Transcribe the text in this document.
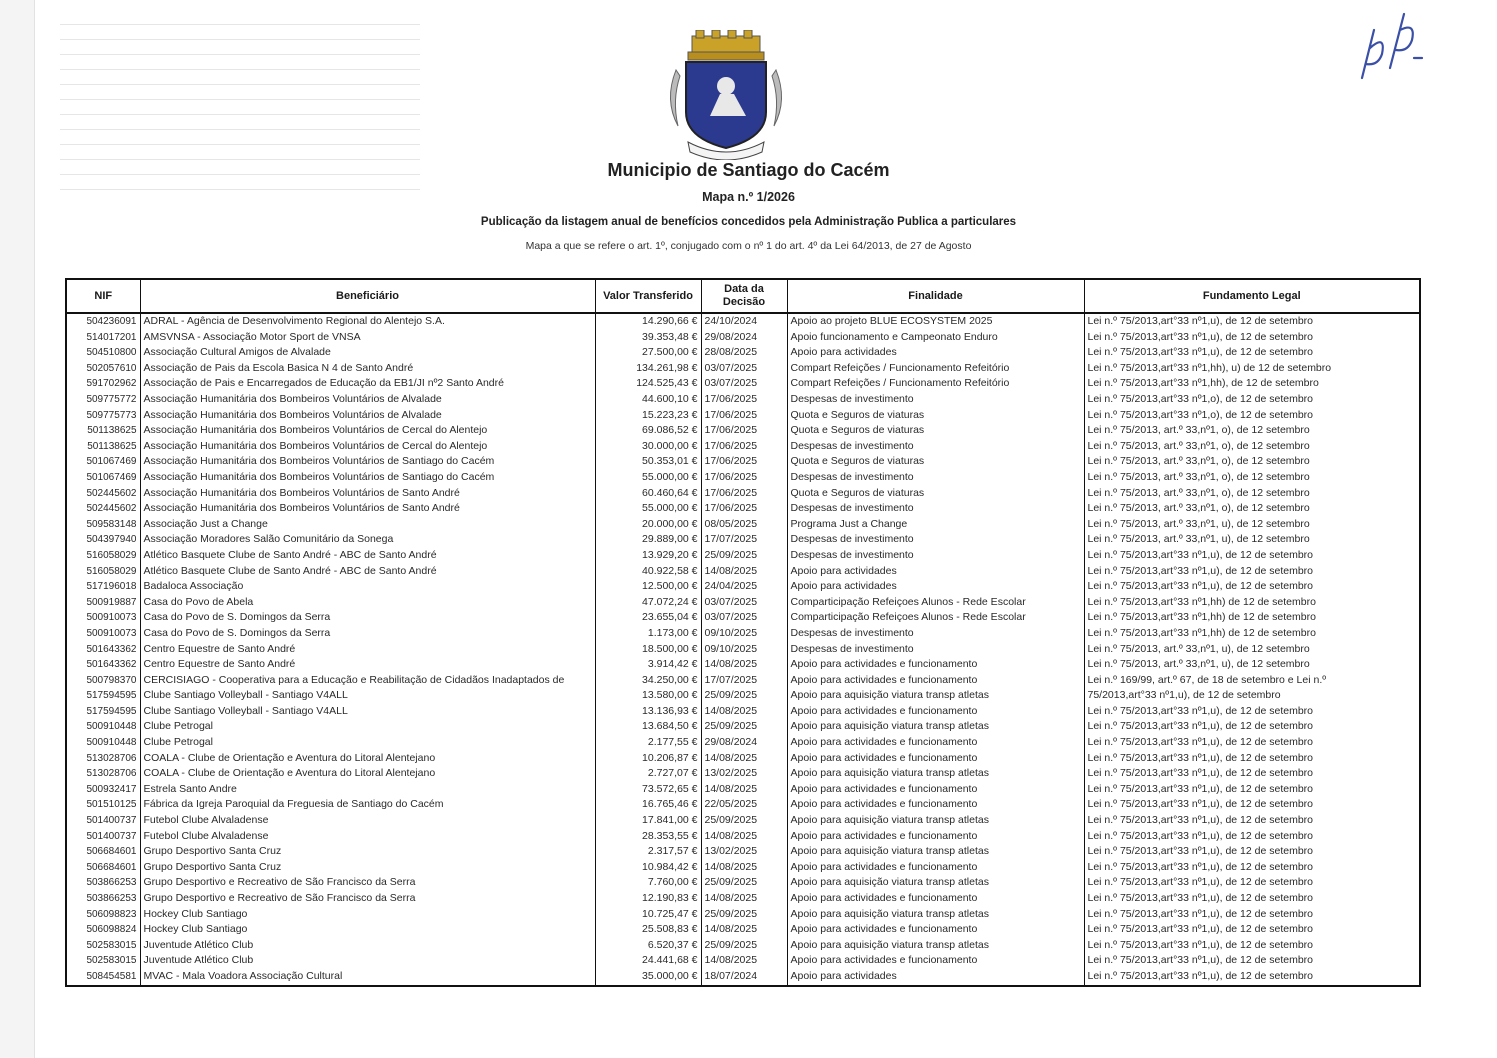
Municipio de Santiago do Cacém
Mapa n.º 1/2026
Publicação da listagem anual de benefícios concedidos pela Administração Publica a particulares
Mapa a que se refere o art. 1º, conjugado com o nº 1 do art. 4º da Lei 64/2013, de 27 de Agosto
NIF	Beneficiário	Valor Transferido	Data da Decisão	Finalidade	Fundamento Legal
504236091	ADRAL - Agência de Desenvolvimento Regional do Alentejo S.A.	14.290,66 €	24/10/2024	Apoio ao projeto BLUE ECOSYSTEM 2025	Lei n.º 75/2013,art°33 nº1,u), de 12 de setembro
514017201	AMSVNSA - Associação Motor Sport de VNSA	39.353,48 €	29/08/2024	Apoio funcionamento e Campeonato Enduro	Lei n.º 75/2013,art°33 nº1,u), de 12 de setembro
504510800	Associação Cultural Amigos de Alvalade	27.500,00 €	28/08/2025	Apoio para actividades	Lei n.º 75/2013,art°33 nº1,u), de 12 de setembro
502057610	Associação de Pais da Escola Basica N 4 de Santo André	134.261,98 €	03/07/2025	Compart Refeições / Funcionamento Refeitório	Lei n.º 75/2013,art°33 nº1,hh), u) de 12 de setembro
591702962	Associação de Pais e Encarregados de Educação da EB1/JI nº2 Santo André	124.525,43 €	03/07/2025	Compart Refeições / Funcionamento Refeitório	Lei n.º 75/2013,art°33 nº1,hh), de 12 de setembro
509775772	Associação Humanitária dos Bombeiros Voluntários de Alvalade	44.600,10 €	17/06/2025	Despesas de investimento	Lei n.º 75/2013,art°33 nº1,o), de 12 de setembro
509775773	Associação Humanitária dos Bombeiros Voluntários de Alvalade	15.223,23 €	17/06/2025	Quota e Seguros de viaturas	Lei n.º 75/2013,art°33 nº1,o), de 12 de setembro
501138625	Associação Humanitária dos Bombeiros Voluntários de Cercal do Alentejo	69.086,52 €	17/06/2025	Quota e Seguros de viaturas	Lei n.º 75/2013, art.º 33,nº1, o), de 12 setembro
501138625	Associação Humanitária dos Bombeiros Voluntários de Cercal do Alentejo	30.000,00 €	17/06/2025	Despesas de investimento	Lei n.º 75/2013, art.º 33,nº1, o), de 12 setembro
501067469	Associação Humanitária dos Bombeiros Voluntários de Santiago do Cacém	50.353,01 €	17/06/2025	Quota e Seguros de viaturas	Lei n.º 75/2013, art.º 33,nº1, o), de 12 setembro
501067469	Associação Humanitária dos Bombeiros Voluntários de Santiago do Cacém	55.000,00 €	17/06/2025	Despesas de investimento	Lei n.º 75/2013, art.º 33,nº1, o), de 12 setembro
502445602	Associação Humanitária dos Bombeiros Voluntários de Santo André	60.460,64 €	17/06/2025	Quota e Seguros de viaturas	Lei n.º 75/2013, art.º 33,nº1, o), de 12 setembro
502445602	Associação Humanitária dos Bombeiros Voluntários de Santo André	55.000,00 €	17/06/2025	Despesas de investimento	Lei n.º 75/2013, art.º 33,nº1, o), de 12 setembro
509583148	Associação Just a Change	20.000,00 €	08/05/2025	Programa Just a Change	Lei n.º 75/2013, art.º 33,nº1, u), de 12 setembro
504397940	Associação Moradores Salão Comunitário da Sonega	29.889,00 €	17/07/2025	Despesas de investimento	Lei n.º 75/2013, art.º 33,nº1, u), de 12 setembro
516058029	Atlético Basquete Clube de Santo André - ABC de Santo André	13.929,20 €	25/09/2025	Despesas de investimento	Lei n.º 75/2013,art°33 nº1,u), de 12 de setembro
516058029	Atlético Basquete Clube de Santo André - ABC de Santo André	40.922,58 €	14/08/2025	Apoio para actividades	Lei n.º 75/2013,art°33 nº1,u), de 12 de setembro
517196018	Badaloca Associação	12.500,00 €	24/04/2025	Apoio para actividades	Lei n.º 75/2013,art°33 nº1,u), de 12 de setembro
500919887	Casa do Povo de Abela	47.072,24 €	03/07/2025	Comparticipação Refeiçoes Alunos - Rede Escolar	Lei n.º 75/2013,art°33 nº1,hh) de 12 de setembro
500910073	Casa do Povo de S. Domingos da Serra	23.655,04 €	03/07/2025	Comparticipação Refeiçoes Alunos - Rede Escolar	Lei n.º 75/2013,art°33 nº1,hh) de 12 de setembro
500910073	Casa do Povo de S. Domingos da Serra	1.173,00 €	09/10/2025	Despesas de investimento	Lei n.º 75/2013,art°33 nº1,hh) de 12 de setembro
501643362	Centro Equestre de Santo André	18.500,00 €	09/10/2025	Despesas de investimento	Lei n.º 75/2013, art.º 33,nº1, u), de 12 setembro
501643362	Centro Equestre de Santo André	3.914,42 €	14/08/2025	Apoio para actividades e funcionamento	Lei n.º 75/2013, art.º 33,nº1, u), de 12 setembro
500798370	CERCISIAGO - Cooperativa para a Educação e Reabilitação de Cidadãos Inadaptados de	34.250,00 €	17/07/2025	Apoio para actividades e funcionamento	Lei n.º 169/99, art.º 67, de 18 de setembro e Lei n.º
517594595	Clube Santiago Volleyball - Santiago V4ALL	13.580,00 €	25/09/2025	Apoio para aquisição viatura transp atletas	75/2013,art°33 nº1,u), de 12 de setembro
517594595	Clube Santiago Volleyball - Santiago V4ALL	13.136,93 €	14/08/2025	Apoio para actividades e funcionamento	Lei n.º 75/2013,art°33 nº1,u), de 12 de setembro
500910448	Clube Petrogal	13.684,50 €	25/09/2025	Apoio para aquisição viatura transp atletas	Lei n.º 75/2013,art°33 nº1,u), de 12 de setembro
500910448	Clube Petrogal	2.177,55 €	29/08/2024	Apoio para actividades e funcionamento	Lei n.º 75/2013,art°33 nº1,u), de 12 de setembro
513028706	COALA - Clube de Orientação e Aventura do Litoral Alentejano	10.206,87 €	14/08/2025	Apoio para actividades e funcionamento	Lei n.º 75/2013,art°33 nº1,u), de 12 de setembro
513028706	COALA - Clube de Orientação e Aventura do Litoral Alentejano	2.727,07 €	13/02/2025	Apoio para aquisição viatura transp atletas	Lei n.º 75/2013,art°33 nº1,u), de 12 de setembro
500932417	Estrela Santo Andre	73.572,65 €	14/08/2025	Apoio para actividades e funcionamento	Lei n.º 75/2013,art°33 nº1,u), de 12 de setembro
501510125	Fábrica da Igreja Paroquial da Freguesia de Santiago do Cacém	16.765,46 €	22/05/2025	Apoio para actividades e funcionamento	Lei n.º 75/2013,art°33 nº1,u), de 12 de setembro
501400737	Futebol Clube Alvaladense	17.841,00 €	25/09/2025	Apoio para aquisição viatura transp atletas	Lei n.º 75/2013,art°33 nº1,u), de 12 de setembro
501400737	Futebol Clube Alvaladense	28.353,55 €	14/08/2025	Apoio para actividades e funcionamento	Lei n.º 75/2013,art°33 nº1,u), de 12 de setembro
506684601	Grupo Desportivo Santa Cruz	2.317,57 €	13/02/2025	Apoio para aquisição viatura transp atletas	Lei n.º 75/2013,art°33 nº1,u), de 12 de setembro
506684601	Grupo Desportivo Santa Cruz	10.984,42 €	14/08/2025	Apoio para actividades e funcionamento	Lei n.º 75/2013,art°33 nº1,u), de 12 de setembro
503866253	Grupo Desportivo e Recreativo de São Francisco da Serra	7.760,00 €	25/09/2025	Apoio para aquisição viatura transp atletas	Lei n.º 75/2013,art°33 nº1,u), de 12 de setembro
503866253	Grupo Desportivo e Recreativo de São Francisco da Serra	12.190,83 €	14/08/2025	Apoio para actividades e funcionamento	Lei n.º 75/2013,art°33 nº1,u), de 12 de setembro
506098823	Hockey Club Santiago	10.725,47 €	25/09/2025	Apoio para aquisição viatura transp atletas	Lei n.º 75/2013,art°33 nº1,u), de 12 de setembro
506098824	Hockey Club Santiago	25.508,83 €	14/08/2025	Apoio para actividades e funcionamento	Lei n.º 75/2013,art°33 nº1,u), de 12 de setembro
502583015	Juventude Atlético Club	6.520,37 €	25/09/2025	Apoio para aquisição viatura transp atletas	Lei n.º 75/2013,art°33 nº1,u), de 12 de setembro
502583015	Juventude Atlético Club	24.441,68 €	14/08/2025	Apoio para actividades e funcionamento	Lei n.º 75/2013,art°33 nº1,u), de 12 de setembro
508454581	MVAC - Mala Voadora Associação Cultural	35.000,00 €	18/07/2024	Apoio para actividades	Lei n.º 75/2013,art°33 nº1,u), de 12 de setembro
